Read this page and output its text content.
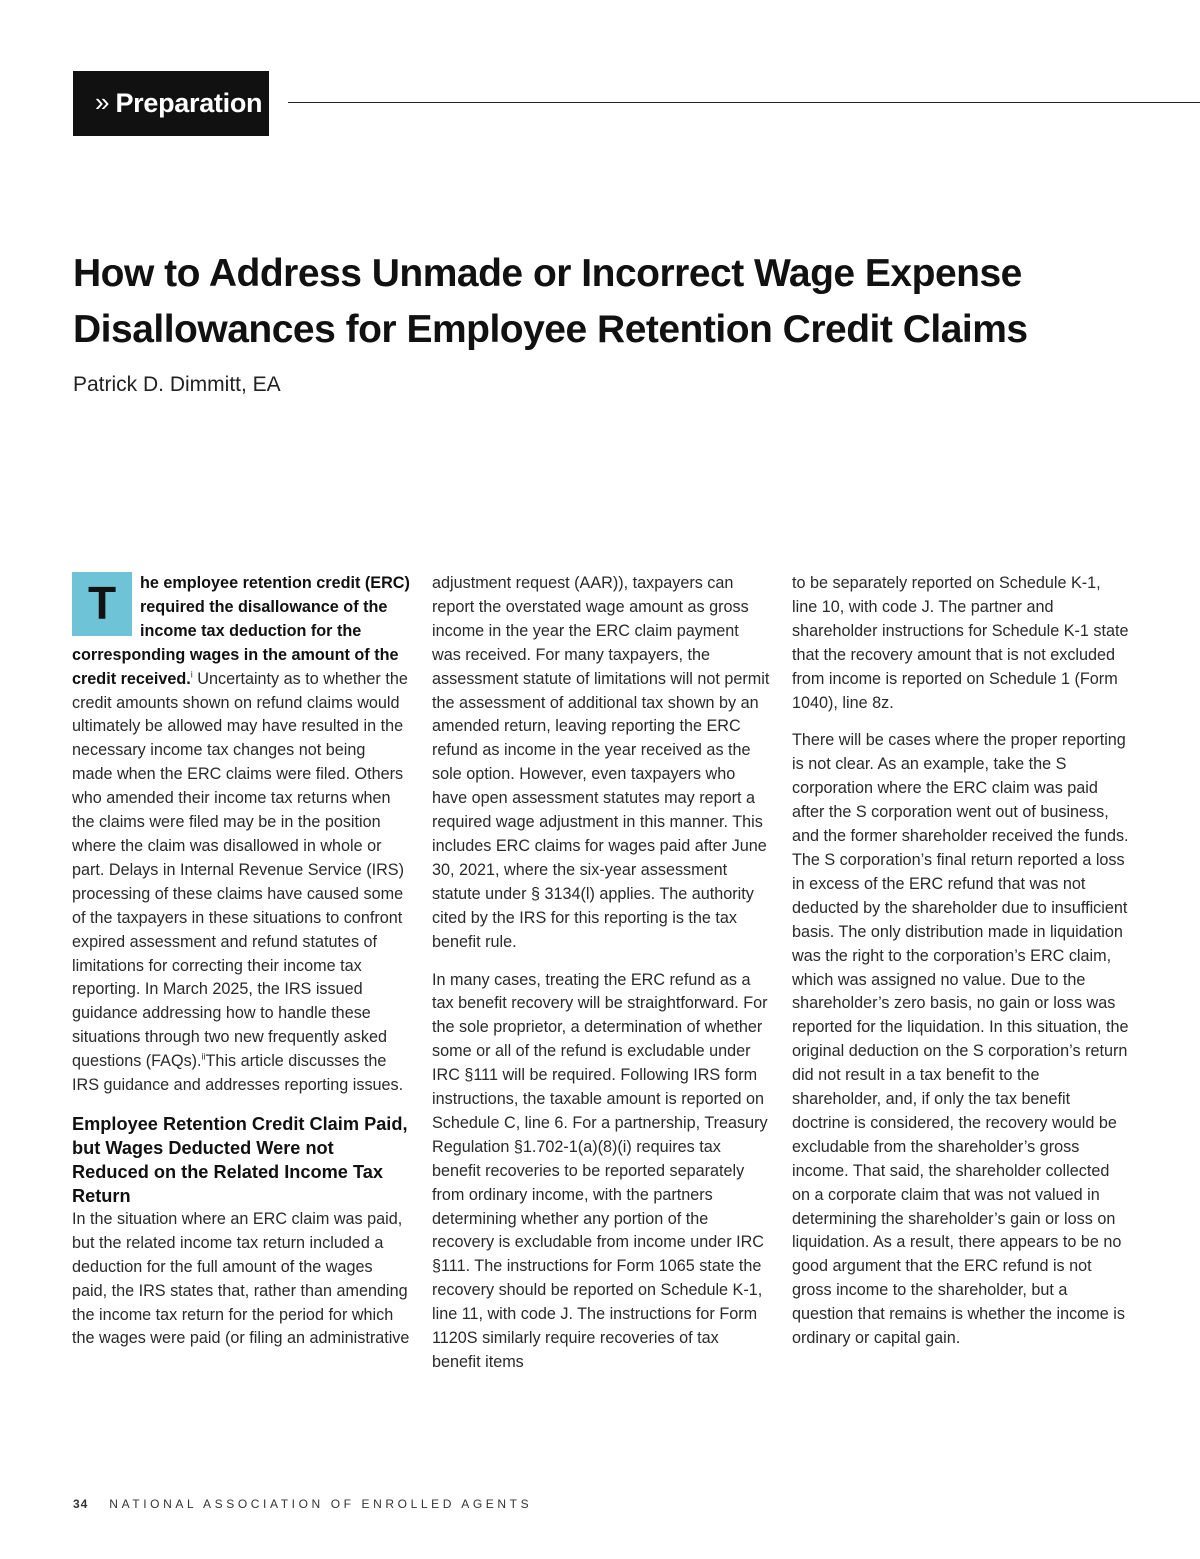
» Preparation
How to Address Unmade or Incorrect Wage Expense Disallowances for Employee Retention Credit Claims

Patrick D. Dimmitt, EA

T	he employee retention credit (ERC) required the disallowance of the income tax deduction for the corresponding wages in the amount of the credit received.$^i$ Uncertainty as to whether the credit amounts shown on refund claims would ultimately be allowed may have resulted in the necessary income tax changes not being made when the ERC claims were filed. Others who amended their income tax returns when the claims were filed may be in the position where the claim was disallowed in whole or part. Delays in Internal Revenue Service (IRS) processing of these claims have caused some of the taxpayers in these situations to confront expired assessment and refund statutes of limitations for correcting their income tax reporting. In March 2025, the IRS issued guidance addressing how to handle these situations through two new frequently asked questions (FAQs).$^{ii}$This article discusses the IRS guidance and addresses reporting issues.

Employee Retention Credit Claim Paid, but Wages Deducted Were not Reduced on the Related Income Tax Return

In the situation where an ERC claim was paid, but the related income tax return included a deduction for the full amount of the wages paid, the IRS states that, rather than amending the income tax return for the period for which the wages were paid (or filing an administrative

adjustment request (AAR)), taxpayers can report the overstated wage amount as gross income in the year the ERC claim payment was received. For many taxpayers, the assessment statute of limitations will not permit the assessment of additional tax shown by an amended return, leaving reporting the ERC refund as income in the year received as the sole option. However, even taxpayers who have open assessment statutes may report a required wage adjustment in this manner. This includes ERC claims for wages paid after June 30, 2021, where the six-year assessment statute under § 3134(l) applies. The authority cited by the IRS for this reporting is the tax benefit rule.

In many cases, treating the ERC refund as a tax benefit recovery will be straightforward. For the sole proprietor, a determination of whether some or all of the refund is excludable under IRC §111 will be required. Following IRS form instructions, the taxable amount is reported on Schedule C, line 6. For a partnership, Treasury Regulation §1.702-1(a)(8)(i) requires tax benefit recoveries to be reported separately from ordinary income, with the partners determining whether any portion of the recovery is excludable from income under IRC §111. The instructions for Form 1065 state the recovery should be reported on Schedule K-1, line 11, with code J. The instructions for Form 1120S similarly require recoveries of tax benefit items

to be separately reported on Schedule K-1, line 10, with code J. The partner and shareholder instructions for Schedule K-1 state that the recovery amount that is not excluded from income is reported on Schedule 1 (Form 1040), line 8z.

There will be cases where the proper reporting is not clear. As an example, take the S corporation where the ERC claim was paid after the S corporation went out of business, and the former shareholder received the funds. The S corporation’s final return reported a loss in excess of the ERC refund that was not deducted by the shareholder due to insufficient basis. The only distribution made in liquidation was the right to the corporation’s ERC claim, which was assigned no value. Due to the shareholder’s zero basis, no gain or loss was reported for the liquidation. In this situation, the original deduction on the S corporation’s return did not result in a tax benefit to the shareholder, and, if only the tax benefit doctrine is considered, the recovery would be excludable from the shareholder’s gross income. That said, the shareholder collected on a corporate claim that was not valued in determining the shareholder’s gain or loss on liquidation. As a result, there appears to be no good argument that the ERC refund is not gross income to the shareholder, but a question that remains is whether the income is ordinary or capital gain.

34 NATIONAL ASSOCIATION OF ENROLLED AGENTS
